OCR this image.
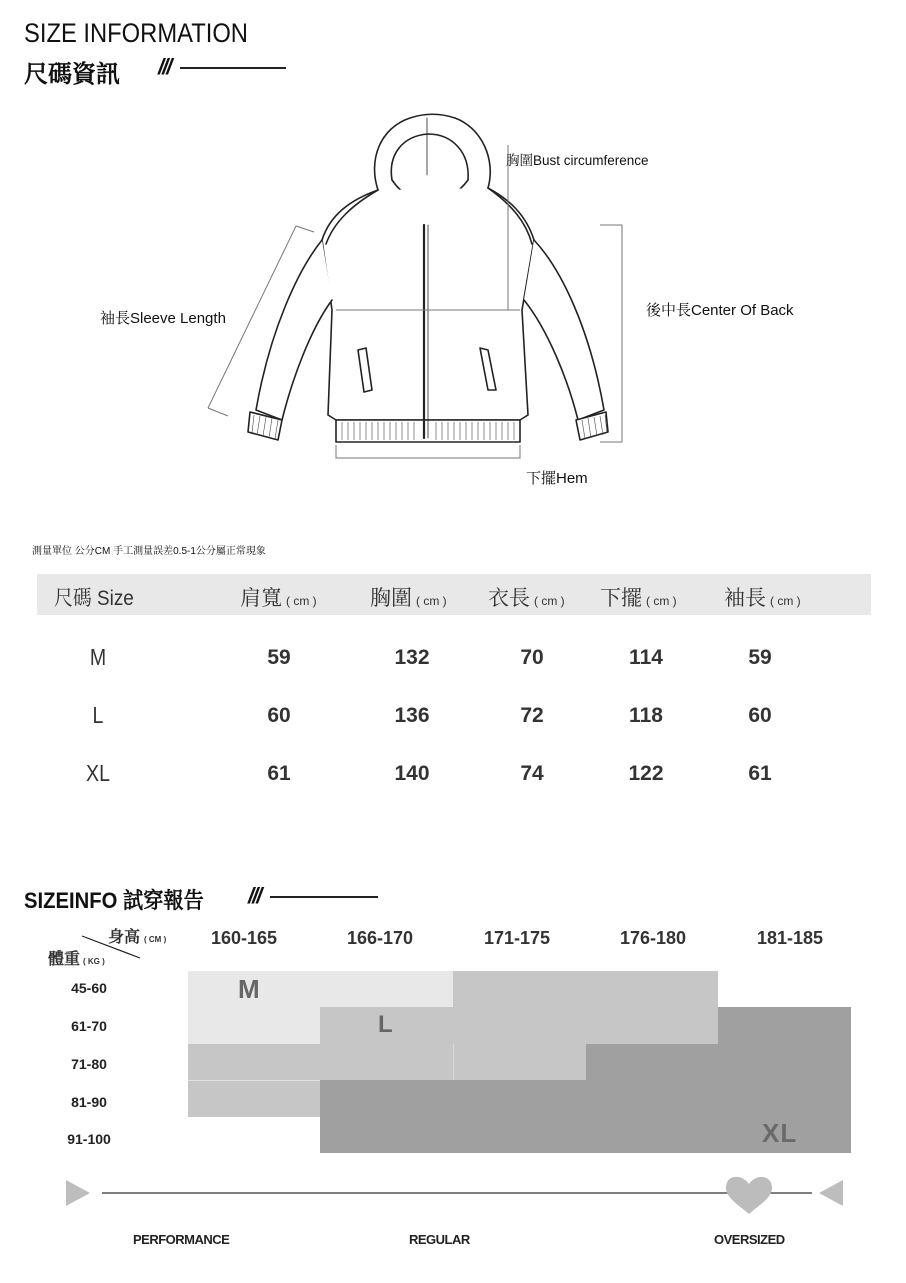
SIZE INFORMATION
尺碼資訊 ///
胸圍Bust circumference
後中長Center Of Back
袖長Sleeve Length
下擺Hem
測量單位 公分CM 手工測量誤差0.5-1公分屬正常現象
尺碼 Size	肩寬 ( cm )	胸圍 ( cm ) 衣長 ( cm ) 下擺 ( cm ) 袖長 ( cm )
M	59	132	70	114	59
L	60	136	72	118	60
XL	61	140	74	122	61
SIZEINFO 試穿報告 ///
身高 ( CM )
體重 ( KG )
160-165	166-170	171-175	176-180	181-185
45-60
61-70
71-80
81-90
91-100
M
L
XL
PERFORMANCE	REGULAR	OVERSIZED
